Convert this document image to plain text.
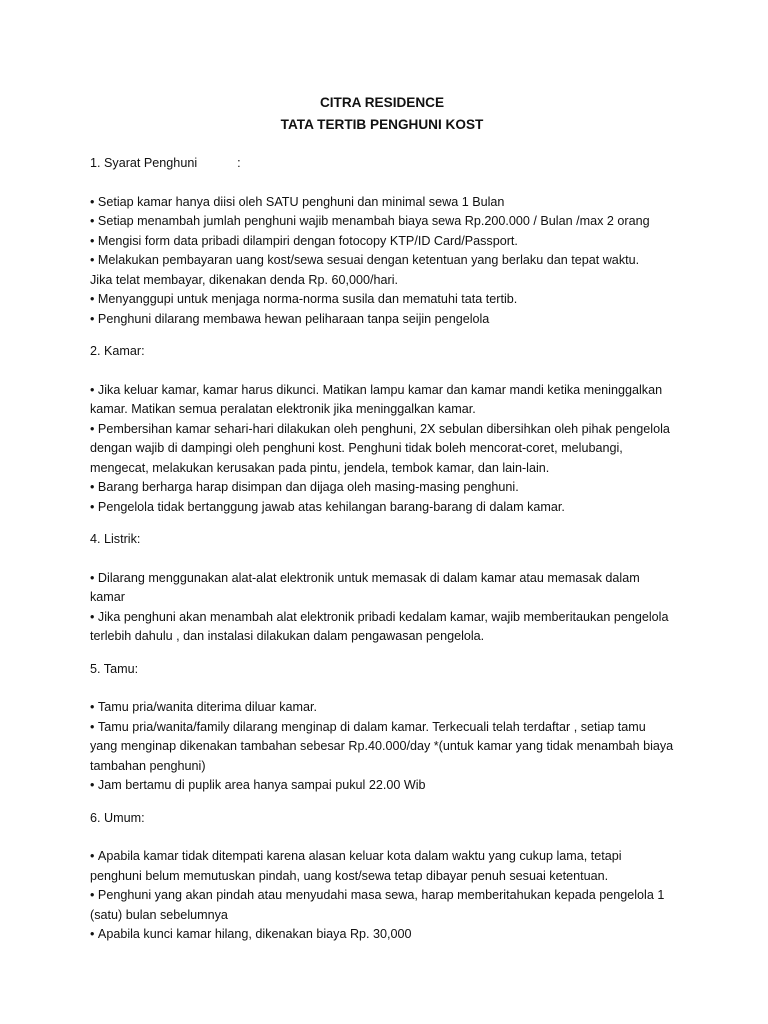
CITRA RESIDENCE
TATA TERTIB PENGHUNI KOST
1. Syarat Penghuni	:
• Setiap kamar hanya diisi oleh SATU penghuni dan minimal sewa 1 Bulan
• Setiap menambah jumlah penghuni wajib menambah biaya sewa Rp.200.000 / Bulan /max 2 orang
• Mengisi form data pribadi dilampiri dengan fotocopy KTP/ID Card/Passport.
• Melakukan pembayaran uang kost/sewa sesuai dengan ketentuan yang berlaku dan tepat waktu.
Jika telat membayar, dikenakan denda Rp. 60,000/hari.
• Menyanggupi untuk menjaga norma-norma susila dan mematuhi tata tertib.
• Penghuni dilarang membawa hewan peliharaan tanpa seijin pengelola
2. Kamar:
• Jika keluar kamar, kamar harus dikunci. Matikan lampu kamar dan kamar mandi ketika meninggalkan
kamar. Matikan semua peralatan elektronik jika meninggalkan kamar.
• Pembersihan kamar sehari-hari dilakukan oleh penghuni, 2X sebulan dibersihkan oleh pihak pengelola
dengan wajib di dampingi oleh penghuni kost. Penghuni tidak boleh mencorat-coret, melubangi,
mengecat, melakukan kerusakan pada pintu, jendela, tembok kamar, dan lain-lain.
• Barang berharga harap disimpan dan dijaga oleh masing-masing penghuni.
• Pengelola tidak bertanggung jawab atas kehilangan barang-barang di dalam kamar.
4. Listrik:
• Dilarang menggunakan alat-alat elektronik untuk memasak di dalam kamar atau memasak dalam
kamar
• Jika penghuni akan menambah alat elektronik pribadi kedalam kamar, wajib memberitaukan pengelola
terlebih dahulu , dan instalasi dilakukan dalam pengawasan pengelola.
5. Tamu:
• Tamu pria/wanita diterima diluar kamar.
• Tamu pria/wanita/family dilarang menginap di dalam kamar. Terkecuali telah terdaftar , setiap tamu
yang menginap dikenakan tambahan sebesar Rp.40.000/day *(untuk kamar yang tidak menambah biaya
tambahan penghuni)
• Jam bertamu di puplik area hanya sampai pukul 22.00 Wib
6. Umum:
• Apabila kamar tidak ditempati karena alasan keluar kota dalam waktu yang cukup lama, tetapi
penghuni belum memutuskan pindah, uang kost/sewa tetap dibayar penuh sesuai ketentuan.
• Penghuni yang akan pindah atau menyudahi masa sewa, harap memberitahukan kepada pengelola 1
(satu) bulan sebelumnya
• Apabila kunci kamar hilang, dikenakan biaya Rp. 30,000
